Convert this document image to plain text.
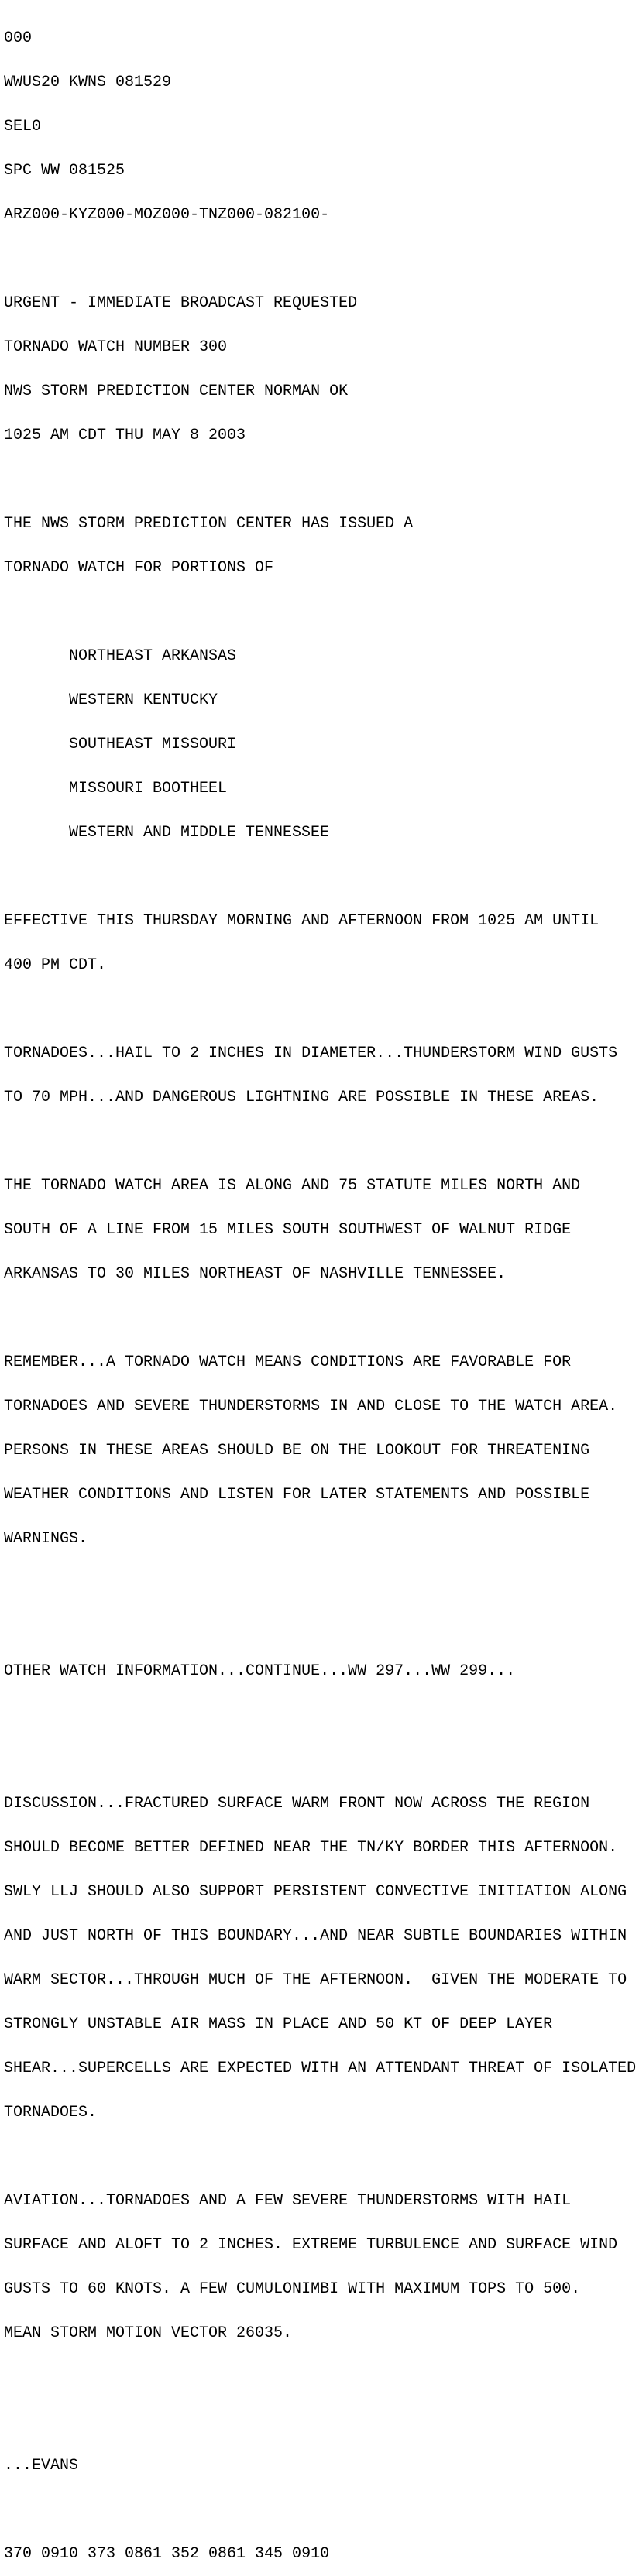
000

WWUS20 KWNS 081529

SEL0

SPC WW 081525

ARZ000-KYZ000-MOZ000-TNZ000-082100-

URGENT - IMMEDIATE BROADCAST REQUESTED

TORNADO WATCH NUMBER 300

NWS STORM PREDICTION CENTER NORMAN OK

1025 AM CDT THU MAY 8 2003

THE NWS STORM PREDICTION CENTER HAS ISSUED A

TORNADO WATCH FOR PORTIONS OF

NORTHEAST ARKANSAS

WESTERN KENTUCKY

SOUTHEAST MISSOURI

MISSOURI BOOTHEEL

WESTERN AND MIDDLE TENNESSEE

EFFECTIVE THIS THURSDAY MORNING AND AFTERNOON FROM 1025 AM UNTIL

400 PM CDT.

TORNADOES...HAIL TO 2 INCHES IN DIAMETER...THUNDERSTORM WIND GUSTS

TO 70 MPH...AND DANGEROUS LIGHTNING ARE POSSIBLE IN THESE AREAS.

THE TORNADO WATCH AREA IS ALONG AND 75 STATUTE MILES NORTH AND

SOUTH OF A LINE FROM 15 MILES SOUTH SOUTHWEST OF WALNUT RIDGE

ARKANSAS TO 30 MILES NORTHEAST OF NASHVILLE TENNESSEE.

REMEMBER...A TORNADO WATCH MEANS CONDITIONS ARE FAVORABLE FOR

TORNADOES AND SEVERE THUNDERSTORMS IN AND CLOSE TO THE WATCH AREA.

PERSONS IN THESE AREAS SHOULD BE ON THE LOOKOUT FOR THREATENING

WEATHER CONDITIONS AND LISTEN FOR LATER STATEMENTS AND POSSIBLE

WARNINGS.

OTHER WATCH INFORMATION...CONTINUE...WW 297...WW 299...

DISCUSSION...FRACTURED SURFACE WARM FRONT NOW ACROSS THE REGION

SHOULD BECOME BETTER DEFINED NEAR THE TN/KY BORDER THIS AFTERNOON.

SWLY LLJ SHOULD ALSO SUPPORT PERSISTENT CONVECTIVE INITIATION ALONG

AND JUST NORTH OF THIS BOUNDARY...AND NEAR SUBTLE BOUNDARIES WITHIN

WARM SECTOR...THROUGH MUCH OF THE AFTERNOON.  GIVEN THE MODERATE TO

STRONGLY UNSTABLE AIR MASS IN PLACE AND 50 KT OF DEEP LAYER

SHEAR...SUPERCELLS ARE EXPECTED WITH AN ATTENDANT THREAT OF ISOLATED

TORNADOES.

AVIATION...TORNADOES AND A FEW SEVERE THUNDERSTORMS WITH HAIL

SURFACE AND ALOFT TO 2 INCHES. EXTREME TURBULENCE AND SURFACE WIND

GUSTS TO 60 KNOTS. A FEW CUMULONIMBI WITH MAXIMUM TOPS TO 500.

MEAN STORM MOTION VECTOR 26035.

...EVANS

370 0910 373 0861 352 0861 345 0910
